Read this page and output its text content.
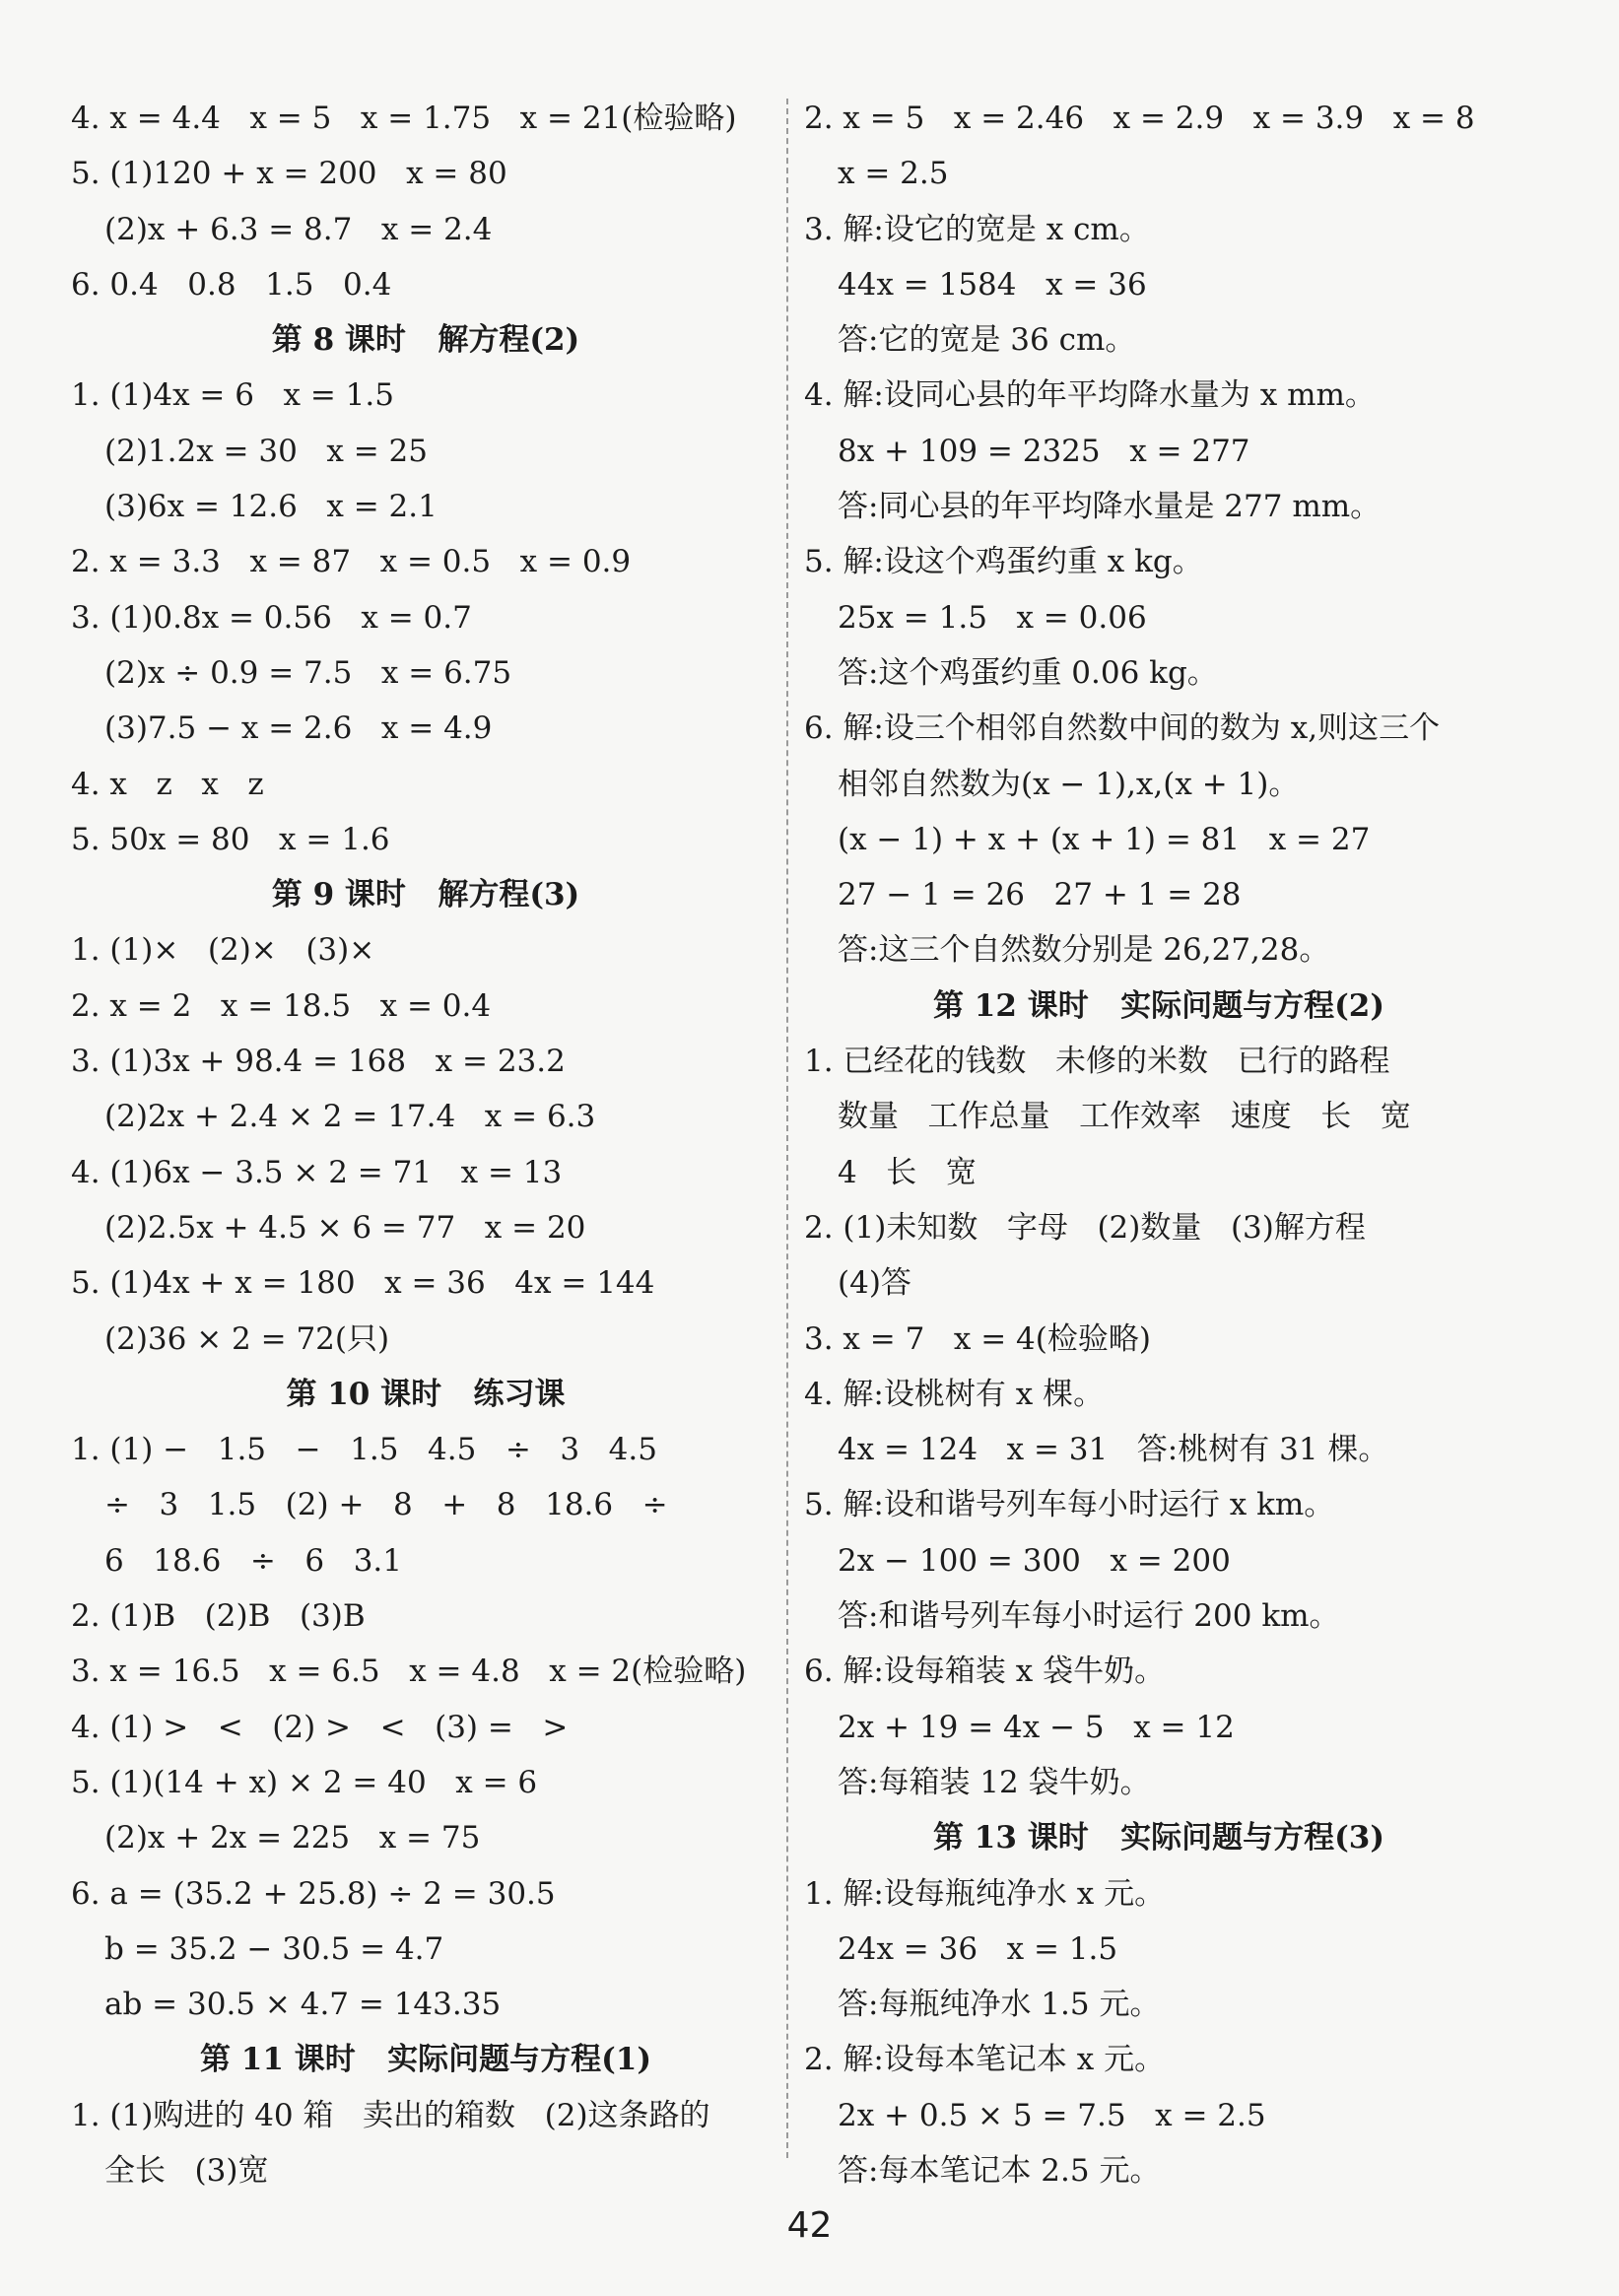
4. x = 4.4   x = 5   x = 1.75   x = 21(检验略)
5. (1)120 + x = 200   x = 80
(2)x + 6.3 = 8.7   x = 2.4
6. 0.4   0.8   1.5   0.4
第 8 课时   解方程(2)
1. (1)4x = 6   x = 1.5
(2)1.2x = 30   x = 25
(3)6x = 12.6   x = 2.1
2. x = 3.3   x = 87   x = 0.5   x = 0.9
3. (1)0.8x = 0.56   x = 0.7
(2)x ÷ 0.9 = 7.5   x = 6.75
(3)7.5 − x = 2.6   x = 4.9
4. x   z   x   z
5. 50x = 80   x = 1.6
第 9 课时   解方程(3)
1. (1)×   (2)×   (3)×
2. x = 2   x = 18.5   x = 0.4
3. (1)3x + 98.4 = 168   x = 23.2
(2)2x + 2.4 × 2 = 17.4   x = 6.3
4. (1)6x − 3.5 × 2 = 71   x = 13
(2)2.5x + 4.5 × 6 = 77   x = 20
5. (1)4x + x = 180   x = 36   4x = 144
(2)36 × 2 = 72(只)
第 10 课时   练习课
1. (1) −   1.5   −   1.5   4.5   ÷   3   4.5
÷   3   1.5   (2) +   8   +   8   18.6   ÷
6   18.6   ÷   6   3.1
2. (1)B   (2)B   (3)B
3. x = 16.5   x = 6.5   x = 4.8   x = 2(检验略)
4. (1) >   <   (2) >   <   (3) =   >
5. (1)(14 + x) × 2 = 40   x = 6
(2)x + 2x = 225   x = 75
6. a = (35.2 + 25.8) ÷ 2 = 30.5
b = 35.2 − 30.5 = 4.7
ab = 30.5 × 4.7 = 143.35
第 11 课时   实际问题与方程(1)
1. (1)购进的 40 箱   卖出的箱数   (2)这条路的
全长   (3)宽
2. x = 5   x = 2.46   x = 2.9   x = 3.9   x = 8
x = 2.5
3. 解:设它的宽是 x cm。
44x = 1584   x = 36
答:它的宽是 36 cm。
4. 解:设同心县的年平均降水量为 x mm。
8x + 109 = 2325   x = 277
答:同心县的年平均降水量是 277 mm。
5. 解:设这个鸡蛋约重 x kg。
25x = 1.5   x = 0.06
答:这个鸡蛋约重 0.06 kg。
6. 解:设三个相邻自然数中间的数为 x,则这三个
相邻自然数为(x − 1),x,(x + 1)。
(x − 1) + x + (x + 1) = 81   x = 27
27 − 1 = 26   27 + 1 = 28
答:这三个自然数分别是 26,27,28。
第 12 课时   实际问题与方程(2)
1. 已经花的钱数   未修的米数   已行的路程
数量   工作总量   工作效率   速度   长   宽
4   长   宽
2. (1)未知数   字母   (2)数量   (3)解方程
(4)答
3. x = 7   x = 4(检验略)
4. 解:设桃树有 x 棵。
4x = 124   x = 31   答:桃树有 31 棵。
5. 解:设和谐号列车每小时运行 x km。
2x − 100 = 300   x = 200
答:和谐号列车每小时运行 200 km。
6. 解:设每箱装 x 袋牛奶。
2x + 19 = 4x − 5   x = 12
答:每箱装 12 袋牛奶。
第 13 课时   实际问题与方程(3)
1. 解:设每瓶纯净水 x 元。
24x = 36   x = 1.5
答:每瓶纯净水 1.5 元。
2. 解:设每本笔记本 x 元。
2x + 0.5 × 5 = 7.5   x = 2.5
答:每本笔记本 2.5 元。
42
